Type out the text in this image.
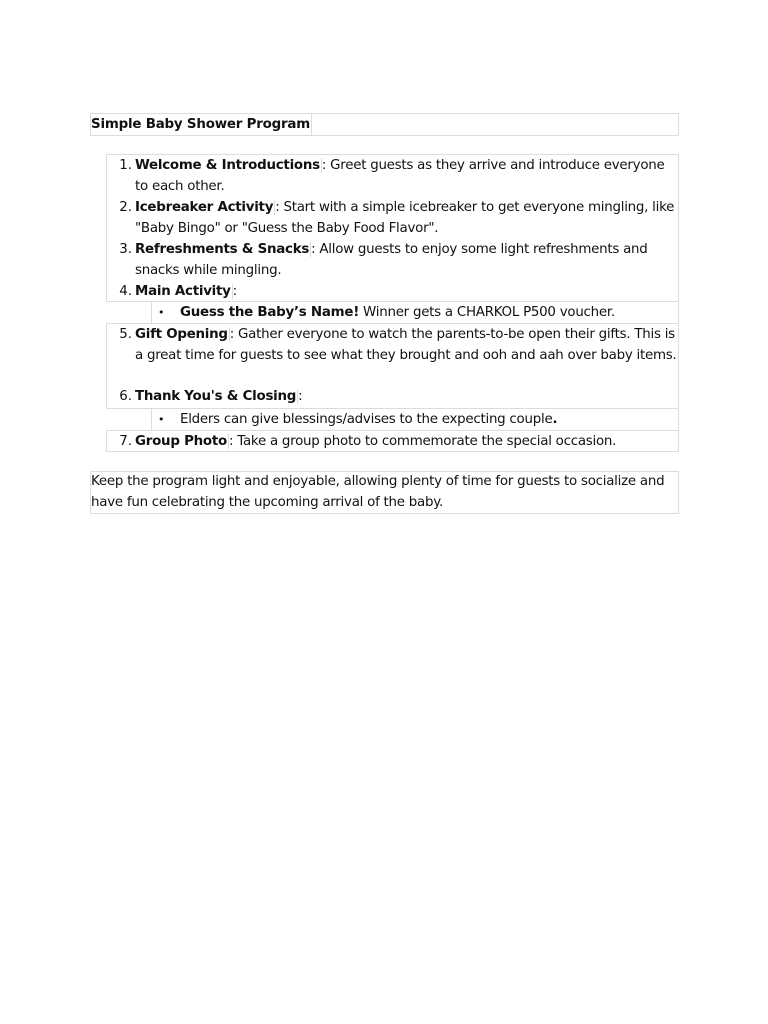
Simple Baby Shower Program
1. Welcome & Introductions : Greet guests as they arrive and introduce everyone to each other.
2. Icebreaker Activity : Start with a simple icebreaker to get everyone mingling, like "Baby Bingo" or "Guess the Baby Food Flavor".
3. Refreshments & Snacks : Allow guests to enjoy some light refreshments and snacks while mingling.
4. Main Activity :
• Guess the Baby’s Name! Winner gets a CHARKOL P500 voucher.
5. Gift Opening : Gather everyone to watch the parents-to-be open their gifts. This is a great time for guests to see what they brought and ooh and aah over baby items.
6. Thank You's & Closing :
• Elders can give blessings/advises to the expecting couple.
7. Group Photo : Take a group photo to commemorate the special occasion.
Keep the program light and enjoyable, allowing plenty of time for guests to socialize and have fun celebrating the upcoming arrival of the baby.
